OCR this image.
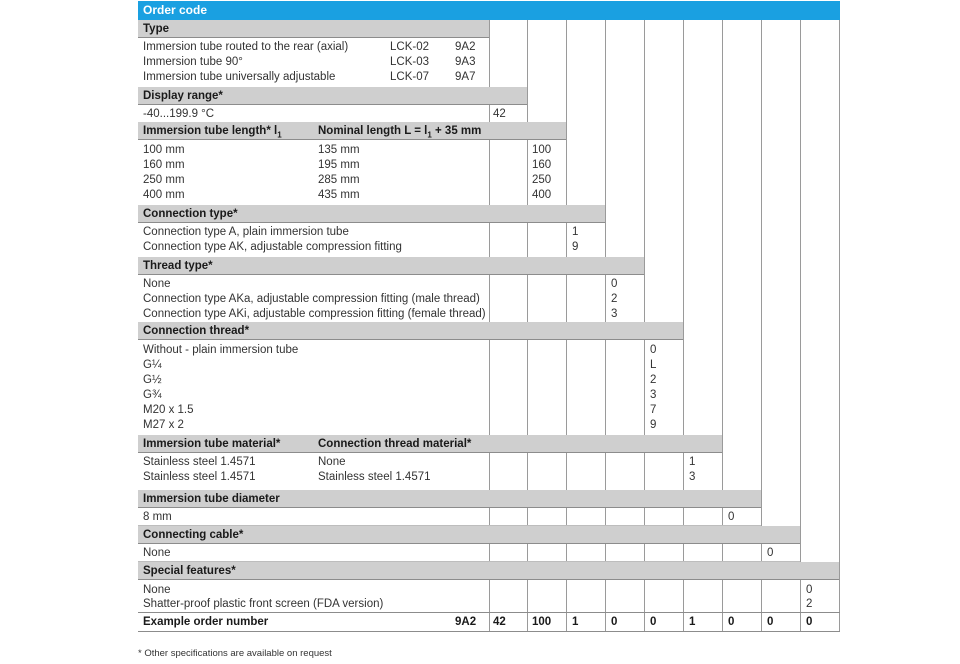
Order code
Type
Immersion tube routed to the rear (axial)	LCK-02 9A2
Immersion tube 90°	LCK-03 9A3
Immersion tube universally adjustable	LCK-07 9A7
Display range*
-40...199.9 °C	42
Immersion tube length* $l_1$	Nominal length $L = l_1 + 35$ mm
100 mm	135 mm	100
160 mm	195 mm	160
250 mm	285 mm	250
400 mm	435 mm	400
Connection type*
Connection type A, plain immersion tube	1
Connection type AK, adjustable compression fitting	9
Thread type*
None	0
Connection type AKa, adjustable compression fitting (male thread)	2
Connection type AKi, adjustable compression fitting (female thread)	3
Connection thread*
Without - plain immersion tube	0
G¼	L
G½	2
G¾	3
M20 x 1.5	7
M27 x 2	9
Immersion tube material*	Connection thread material*
Stainless steel 1.4571	None	1
Stainless steel 1.4571	Stainless steel 1.4571	3
Immersion tube diameter
8 mm	0
Connecting cable*
None	0
Special features*
None	0
Shatter-proof plastic front screen (FDA version)	2
Example order number	9A2 42 100 1	0	0	1	0	0	0
* Other specifications are available on request
